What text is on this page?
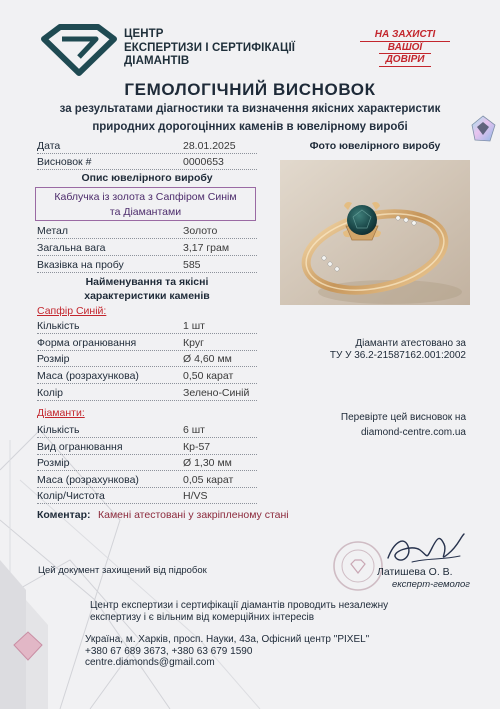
ЦЕНТР
ЕКСПЕРТИЗИ І СЕРТИФІКАЦІЇ
ДІАМАНТІВ
НА ЗАХИСТІ
ВАШОЇ
ДОВІРИ
ГЕМОЛОГІЧНИЙ ВИСНОВОК
за результатами діагностики та визначення якісних характеристик
природних дорогоцінних каменів в ювелірному виробі
Дата	28.01.2025
Висновок #	0000653
Опис ювелірного виробу
Каблучка із золота з Сапфіром Синім
та Діамантами
Метал	Золото
Загальна вага	3,17 грам
Вказівка на пробу	585
Найменування та якісні
характеристики каменів
Сапфір Синій:
Кількість	1 шт
Форма огранювання	Круг
Розмір	Ø 4,60 мм
Маса (розрахункова)	0,50 карат
Колір	Зелено-Синій
Діаманти:
Кількість	6 шт
Вид огранювання	Кр-57
Розмір	Ø 1,30 мм
Маса (розрахункова)	0,05 карат
Колір/Чистота	H/VS
Коментар: Камені атестовані у закріпленому стані
Фото ювелірного виробу
Діаманти атестовано за
ТУ У 36.2-21587162.001:2002
Перевірте цей висновок на
diamond-centre.com.ua
Цей документ захищений від підробок	Латишева О. В.
експерт-гемолог
Центр експертизи і сертифікації діамантів проводить незалежну
експертизу і є вільним від комерційних інтересів
Україна, м. Харків, просп. Науки, 43а, Офісний центр "PIXEL"
+380 67 689 3673, +380 63 679 1590
centre.diamonds@gmail.com
